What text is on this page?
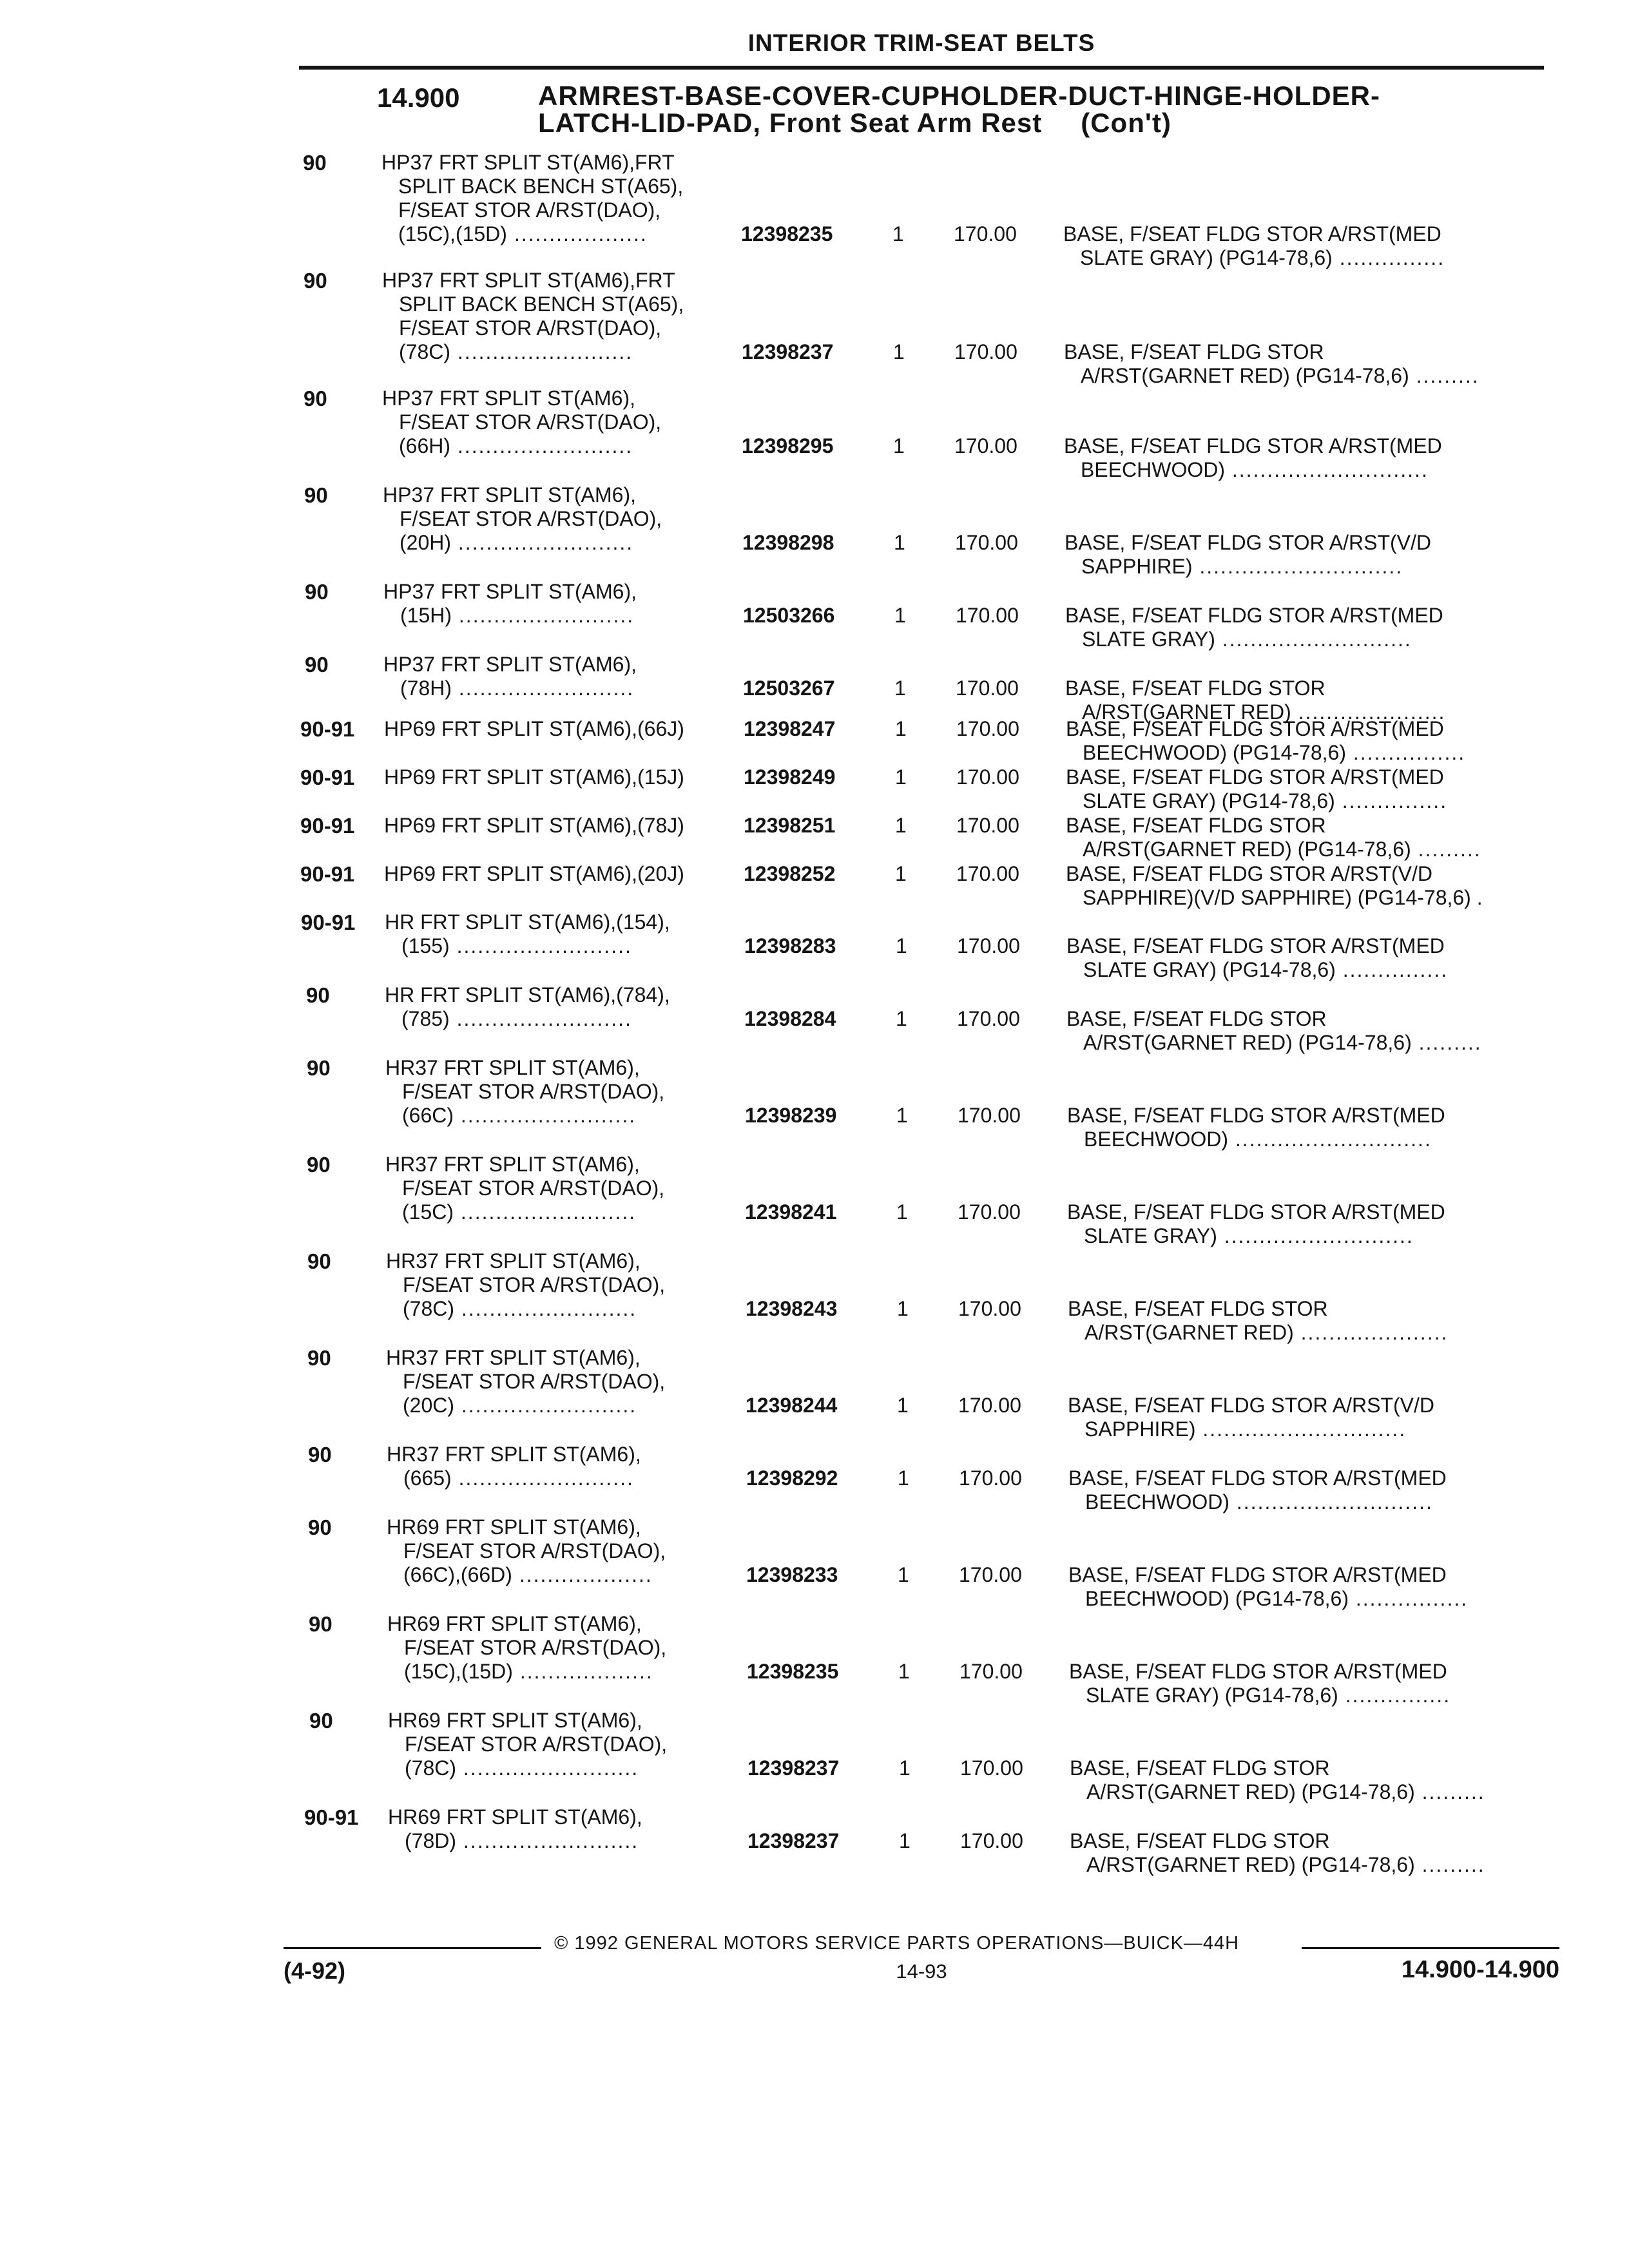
INTERIOR TRIM-SEAT BELTS
14.900	ARMREST-BASE-COVER-CUPHOLDER-DUCT-HINGE-HOLDER-
LATCH-LID-PAD, Front Seat Arm Rest (Con't)
90	HP37 FRT SPLIT ST(AM6),FRT
SPLIT BACK BENCH ST(A65),
F/SEAT STOR A/RST(DAO),
(15C),(15D) ...................	12398235	1 170.00 BASE, F/SEAT FLDG STOR A/RST(MED
SLATE GRAY) (PG14-78,6) ...............
90	HP37 FRT SPLIT ST(AM6),FRT
SPLIT BACK BENCH ST(A65),
F/SEAT STOR A/RST(DAO),
(78C) .........................	12398237	1 170.00 BASE, F/SEAT FLDG STOR
A/RST(GARNET RED) (PG14-78,6) .........
90	HP37 FRT SPLIT ST(AM6),
F/SEAT STOR A/RST(DAO),
(66H) .........................	12398295	1 170.00 BASE, F/SEAT FLDG STOR A/RST(MED
BEECHWOOD) ............................
90	HP37 FRT SPLIT ST(AM6),
F/SEAT STOR A/RST(DAO),
(20H) .........................	12398298	1 170.00 BASE, F/SEAT FLDG STOR A/RST(V/D
SAPPHIRE) .............................
90	HP37 FRT SPLIT ST(AM6),
(15H) .........................	12503266	1 170.00 BASE, F/SEAT FLDG STOR A/RST(MED
SLATE GRAY) ...........................
90	HP37 FRT SPLIT ST(AM6),
(78H) .........................	12503267	1 170.00 BASE, F/SEAT FLDG STOR
A/RST(GARNET RED) .....................
90-91 HP69 FRT SPLIT ST(AM6),(66J)	12398247	1 170.00 BASE, F/SEAT FLDG STOR A/RST(MED
BEECHWOOD) (PG14-78,6) ................
90-91 HP69 FRT SPLIT ST(AM6),(15J)	12398249	1 170.00 BASE, F/SEAT FLDG STOR A/RST(MED
SLATE GRAY) (PG14-78,6) ...............
90-91 HP69 FRT SPLIT ST(AM6),(78J)	12398251	1 170.00 BASE, F/SEAT FLDG STOR
A/RST(GARNET RED) (PG14-78,6) .........
90-91 HP69 FRT SPLIT ST(AM6),(20J)	12398252	1 170.00 BASE, F/SEAT FLDG STOR A/RST(V/D
SAPPHIRE)(V/D SAPPHIRE) (PG14-78,6) .
90-91 HR FRT SPLIT ST(AM6),(154),
(155) .........................	12398283	1 170.00 BASE, F/SEAT FLDG STOR A/RST(MED
SLATE GRAY) (PG14-78,6) ...............
90	HR FRT SPLIT ST(AM6),(784),
(785) .........................	12398284	1 170.00 BASE, F/SEAT FLDG STOR
A/RST(GARNET RED) (PG14-78,6) .........
90	HR37 FRT SPLIT ST(AM6),
F/SEAT STOR A/RST(DAO),
(66C) .........................	12398239	1 170.00 BASE, F/SEAT FLDG STOR A/RST(MED
BEECHWOOD) ............................
90	HR37 FRT SPLIT ST(AM6),
F/SEAT STOR A/RST(DAO),
(15C) .........................	12398241	1 170.00 BASE, F/SEAT FLDG STOR A/RST(MED
SLATE GRAY) ...........................
90	HR37 FRT SPLIT ST(AM6),
F/SEAT STOR A/RST(DAO),
(78C) .........................	12398243	1 170.00 BASE, F/SEAT FLDG STOR
A/RST(GARNET RED) .....................
90	HR37 FRT SPLIT ST(AM6),
F/SEAT STOR A/RST(DAO),
(20C) .........................	12398244	1 170.00 BASE, F/SEAT FLDG STOR A/RST(V/D
SAPPHIRE) .............................
90	HR37 FRT SPLIT ST(AM6),
(665) .........................	12398292	1 170.00 BASE, F/SEAT FLDG STOR A/RST(MED
BEECHWOOD) ............................
90	HR69 FRT SPLIT ST(AM6),
F/SEAT STOR A/RST(DAO),
(66C),(66D) ...................	12398233	1 170.00 BASE, F/SEAT FLDG STOR A/RST(MED
BEECHWOOD) (PG14-78,6) ................
90	HR69 FRT SPLIT ST(AM6),
F/SEAT STOR A/RST(DAO),
(15C),(15D) ...................	12398235	1 170.00 BASE, F/SEAT FLDG STOR A/RST(MED
SLATE GRAY) (PG14-78,6) ...............
90	HR69 FRT SPLIT ST(AM6),
F/SEAT STOR A/RST(DAO),
(78C) .........................	12398237	1 170.00 BASE, F/SEAT FLDG STOR
A/RST(GARNET RED) (PG14-78,6) .........
90-91 HR69 FRT SPLIT ST(AM6),
(78D) .........................	12398237	1 170.00 BASE, F/SEAT FLDG STOR
A/RST(GARNET RED) (PG14-78,6) .........
© 1992 GENERAL MOTORS SERVICE PARTS OPERATIONS—BUICK—44H
(4-92)	14-93	14.900-14.900
